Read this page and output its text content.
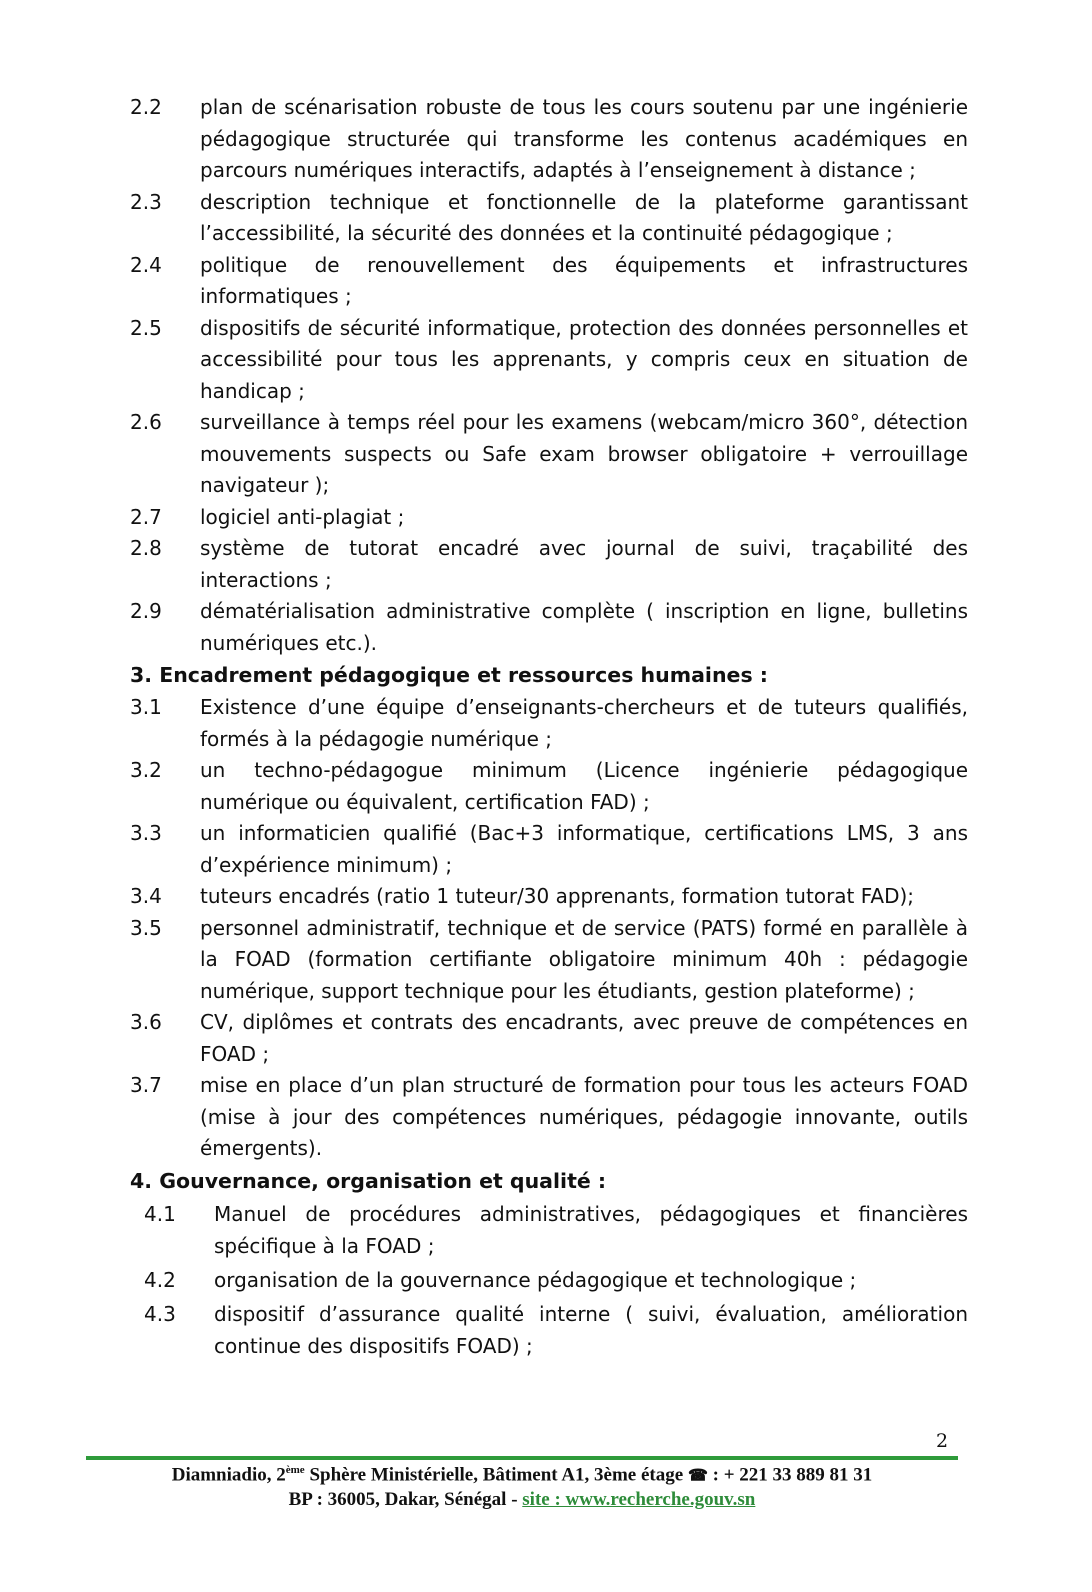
2.2	plan de scénarisation robuste de tous les cours soutenu par une ingénierie pédagogique structurée qui transforme les contenus académiques en parcours numériques interactifs, adaptés à l’enseignement à distance ;
2.3	description technique et fonctionnelle de la plateforme garantissant l’accessibilité, la sécurité des données et la continuité pédagogique ;
2.4	politique de renouvellement des équipements et infrastructures informatiques ;
2.5	dispositifs de sécurité informatique, protection des données personnelles et accessibilité pour tous les apprenants, y compris ceux en situation de handicap ;
2.6	surveillance à temps réel pour les examens (webcam/micro 360°, détection mouvements suspects ou Safe exam browser obligatoire + verrouillage navigateur );
2.7	logiciel anti-plagiat ;
2.8	système de tutorat encadré avec journal de suivi, traçabilité des interactions ;
2.9	dématérialisation administrative complète ( inscription en ligne, bulletins numériques etc.).
3. Encadrement pédagogique et ressources humaines :
3.1	Existence d’une équipe d’enseignants-chercheurs et de tuteurs qualifiés, formés à la pédagogie numérique ;
3.2	un techno-pédagogue minimum (Licence ingénierie pédagogique numérique ou équivalent, certification FAD) ;
3.3	un informaticien qualifié (Bac+3 informatique, certifications LMS, 3 ans d’expérience minimum) ;
3.4	tuteurs encadrés (ratio 1 tuteur/30 apprenants, formation tutorat FAD);
3.5	personnel administratif, technique et de service (PATS) formé en parallèle à la FOAD (formation certifiante obligatoire minimum 40h : pédagogie numérique, support technique pour les étudiants, gestion plateforme) ;
3.6	CV, diplômes et contrats des encadrants, avec preuve de compétences en FOAD ;
3.7	mise en place d’un plan structuré de formation pour tous les acteurs FOAD (mise à jour des compétences numériques, pédagogie innovante, outils émergents).
4. Gouvernance, organisation et qualité :
4.1	Manuel de procédures administratives, pédagogiques et financières spécifique à la FOAD ;
4.2	organisation de la gouvernance pédagogique et technologique ;
4.3	dispositif d’assurance qualité interne ( suivi, évaluation, amélioration continue des dispositifs FOAD) ;
2
Diamniadio, 2ème Sphère Ministérielle, Bâtiment A1, 3ème étage ☎ : + 221 33 889 81 31
BP : 36005, Dakar, Sénégal - site : www.recherche.gouv.sn
